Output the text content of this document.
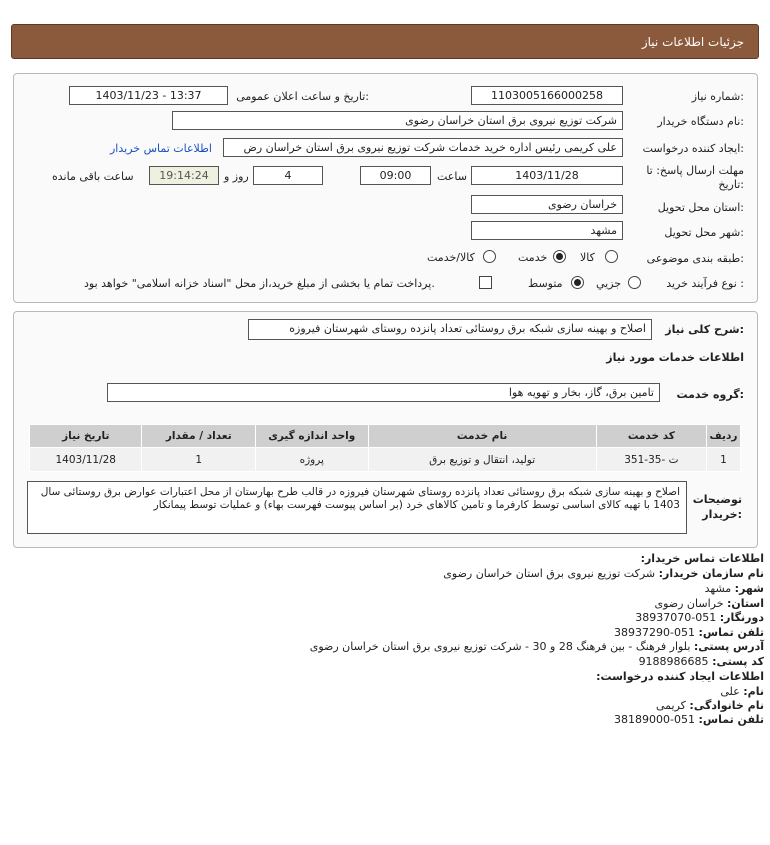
جزئیات اطلاعات نیاز
شماره نیاز:
1103005166000258
تاریخ و ساعت اعلان عمومی:
1403/11/23 - 13:37
نام دستگاه خریدار:
شرکت توزیع نیروی برق استان خراسان رضوی
ایجاد کننده درخواست:
علی کریمی رئیس اداره خرید خدمات شرکت توزیع نیروی برق استان خراسان رض
اطلاعات تماس خریدار
مهلت ارسال پاسخ: تا
تاریخ:
1403/11/28
ساعت
09:00
4
روز و
19:14:24
ساعت باقی مانده
استان محل تحویل:
خراسان رضوی
شهر محل تحویل:
مشهد
طبقه بندی موضوعی:
کالا
خدمت
کالا/خدمت
نوع فرآیند خرید :
جزیي
متوسط
پرداخت تمام یا بخشی از مبلغ خرید،از محل "اسناد خزانه اسلامی" خواهد بود.
شرح کلی نیاز:
اصلاح و بهینه سازی شبکه برق روستائی تعداد پانزده روستای شهرستان فیروزه
اطلاعات خدمات مورد نیاز
گروه خدمت:
تامین برق، گاز، بخار و تهویه هوا
ردیف	کد خدمت	نام خدمت	واحد اندازه گیری	تعداد / مقدار	تاریخ نیاز
1	ت -35-351	تولید، انتقال و توزیع برق	پروژه	1	1403/11/28
توضیحات
خریدار:
اصلاح و بهینه سازی شبکه برق روستائی تعداد پانزده روستای شهرستان فیروزه در قالب طرح بهارستان از محل اعتبارات عوارض برق روستائی سال 1403 با تهیه کالای اساسی توسط کارفرما و تامین کالاهای خرد (بر اساس پیوست فهرست بهاء) و عملیات توسط پیمانکار
اطلاعات تماس خریدار:
نام سازمان خریدار: شرکت توزیع نیروی برق استان خراسان رضوی
شهر: مشهد
استان: خراسان رضوی
دورنگار: 051-38937070
تلفن تماس: 051-38937290
آدرس پستی: بلوار فرهنگ - بین فرهنگ 28 و 30 - شرکت توزیع نیروی برق استان خراسان رضوی
کد پستی: 9188986685
اطلاعات ایجاد کننده درخواست:
نام: علی
نام خانوادگی: کریمی
تلفن تماس: 051-38189000
